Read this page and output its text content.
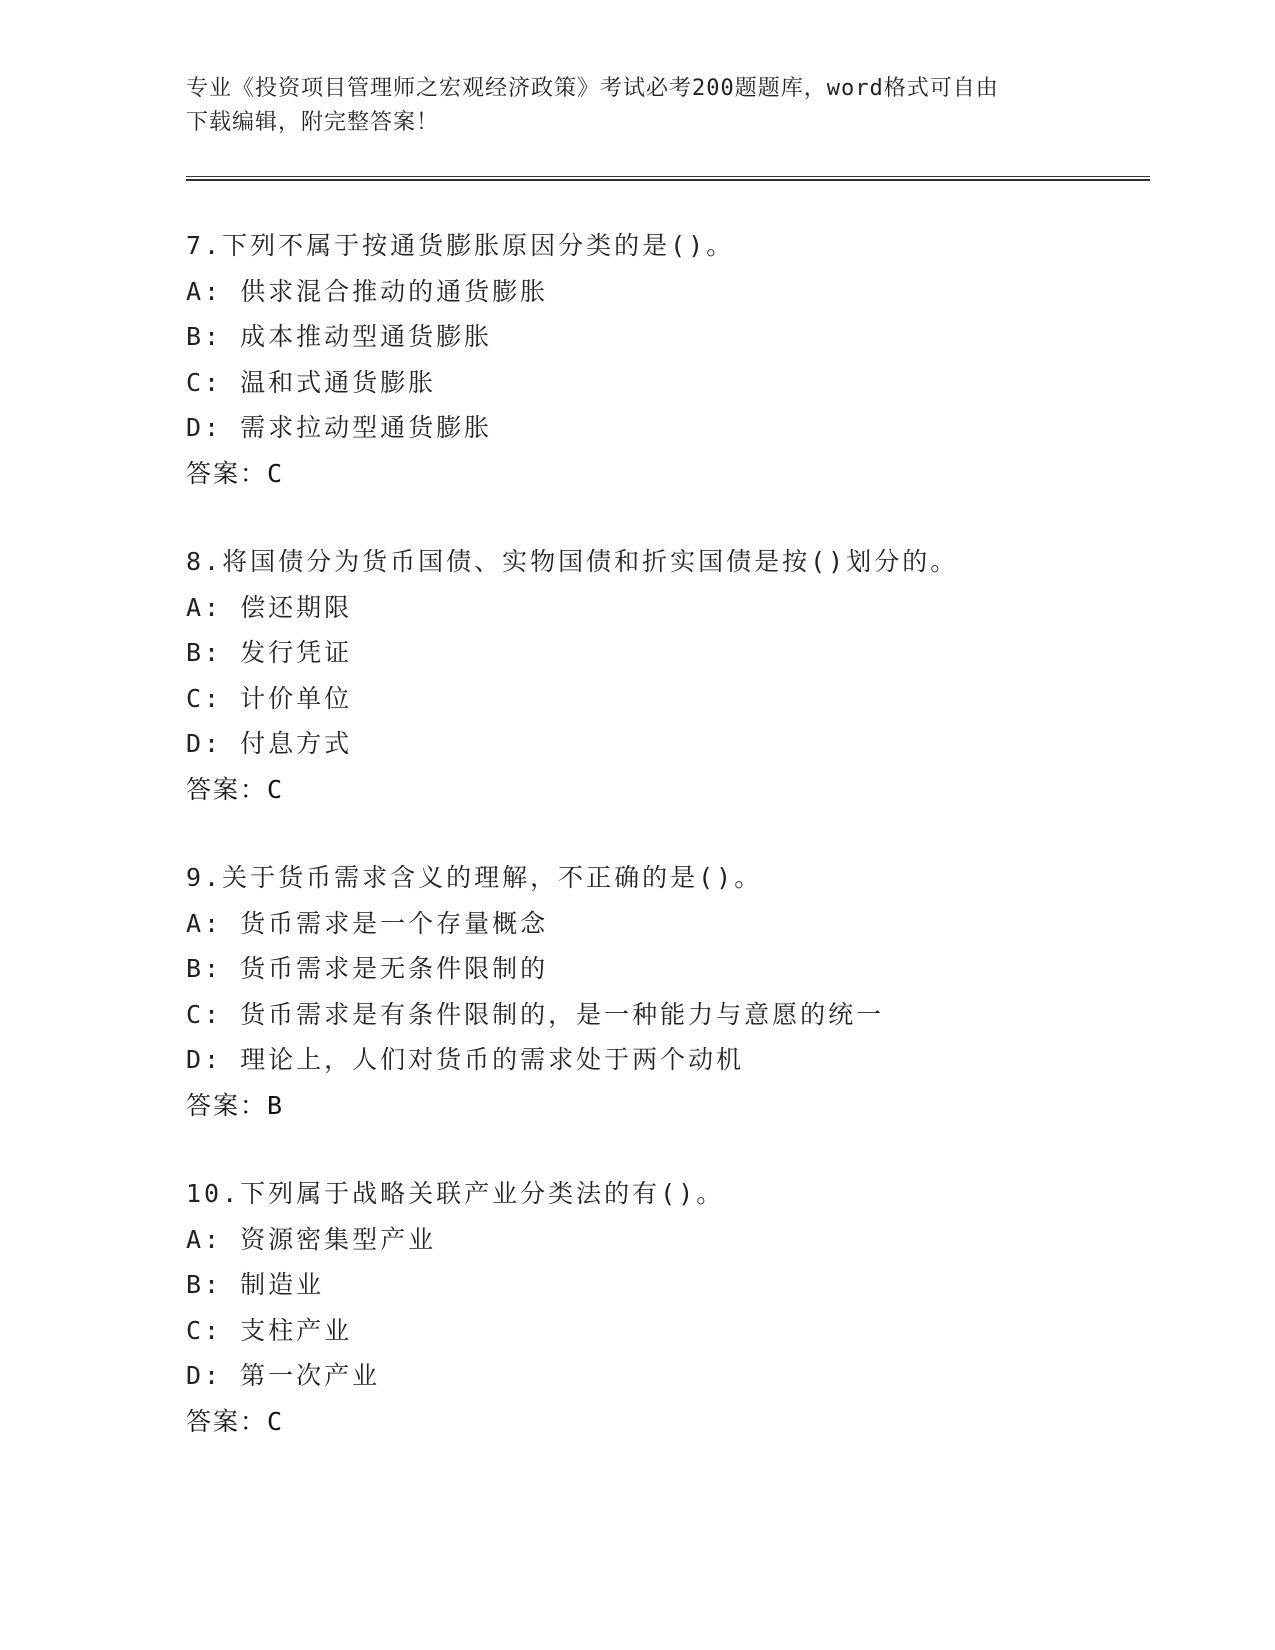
专业《投资项目管理师之宏观经济政策》考试必考200题题库，word格式可自由
下载编辑，附完整答案！
7.下列不属于按通货膨胀原因分类的是()。
A: 供求混合推动的通货膨胀
B: 成本推动型通货膨胀
C: 温和式通货膨胀
D: 需求拉动型通货膨胀
答案：C
8.将国债分为货币国债、实物国债和折实国债是按()划分的。
A: 偿还期限
B: 发行凭证
C: 计价单位
D: 付息方式
答案：C
9.关于货币需求含义的理解，不正确的是()。
A: 货币需求是一个存量概念
B: 货币需求是无条件限制的
C: 货币需求是有条件限制的，是一种能力与意愿的统一
D: 理论上，人们对货币的需求处于两个动机
答案：B
10.下列属于战略关联产业分类法的有()。
A: 资源密集型产业
B: 制造业
C: 支柱产业
D: 第一次产业
答案：C
